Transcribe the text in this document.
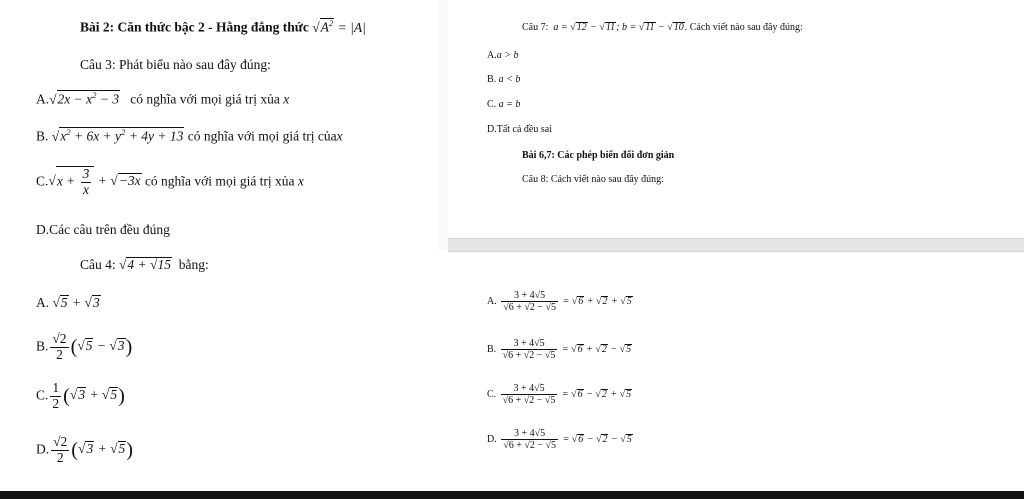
Bài 2: Căn thức bậc 2 - Hằng đẳng thức $√A^2 = |A|$
Câu 3: Phát biểu nào sau đây đúng:
$A.√2x - x^2 - 3$ có nghĩa với mọi giá trị xủa x
B. $√x^2 + 6x + y^2 + 4y + 13$ có nghĩa với mọi giá trị củax
$C.√x + \frac{3}{x} + √-3x$ có nghĩa với mọi giá trị xủa x
D.Các câu trên đều đúng
Câu 4: √4 + √15 bằng:
A. √5 + √3
B. $\frac{√2}{2} (√5 - √3)$
C. $\frac{1}{2} (√3 + √5)$
D. $\frac{√2}{2} (√3 + √5)$
Câu 7: a = √12 − √11; b = √11 − √10. Cách viết nào sau đây đúng:
A.a > b
B. a < b
C. a = b
D.Tất cả đều sai
Bài 6,7: Các phép biến đổi đơn giản
Câu 8: Cách viết nào sau đây đúng:
A. $\frac{3 + 4√5}{√6 + √2 - √5} = √6 + √2 + √5$
B. $\frac{3 + 4√5}{√6 + √2 - √5} = √6 + √2 - √5$
C. $\frac{3 + 4√5}{√6 + √2 - √5} = √6 - √2 + √5$
D. $\frac{3 + 4√5}{√6 + √2 - √5} = √6 - √2 - √5$
